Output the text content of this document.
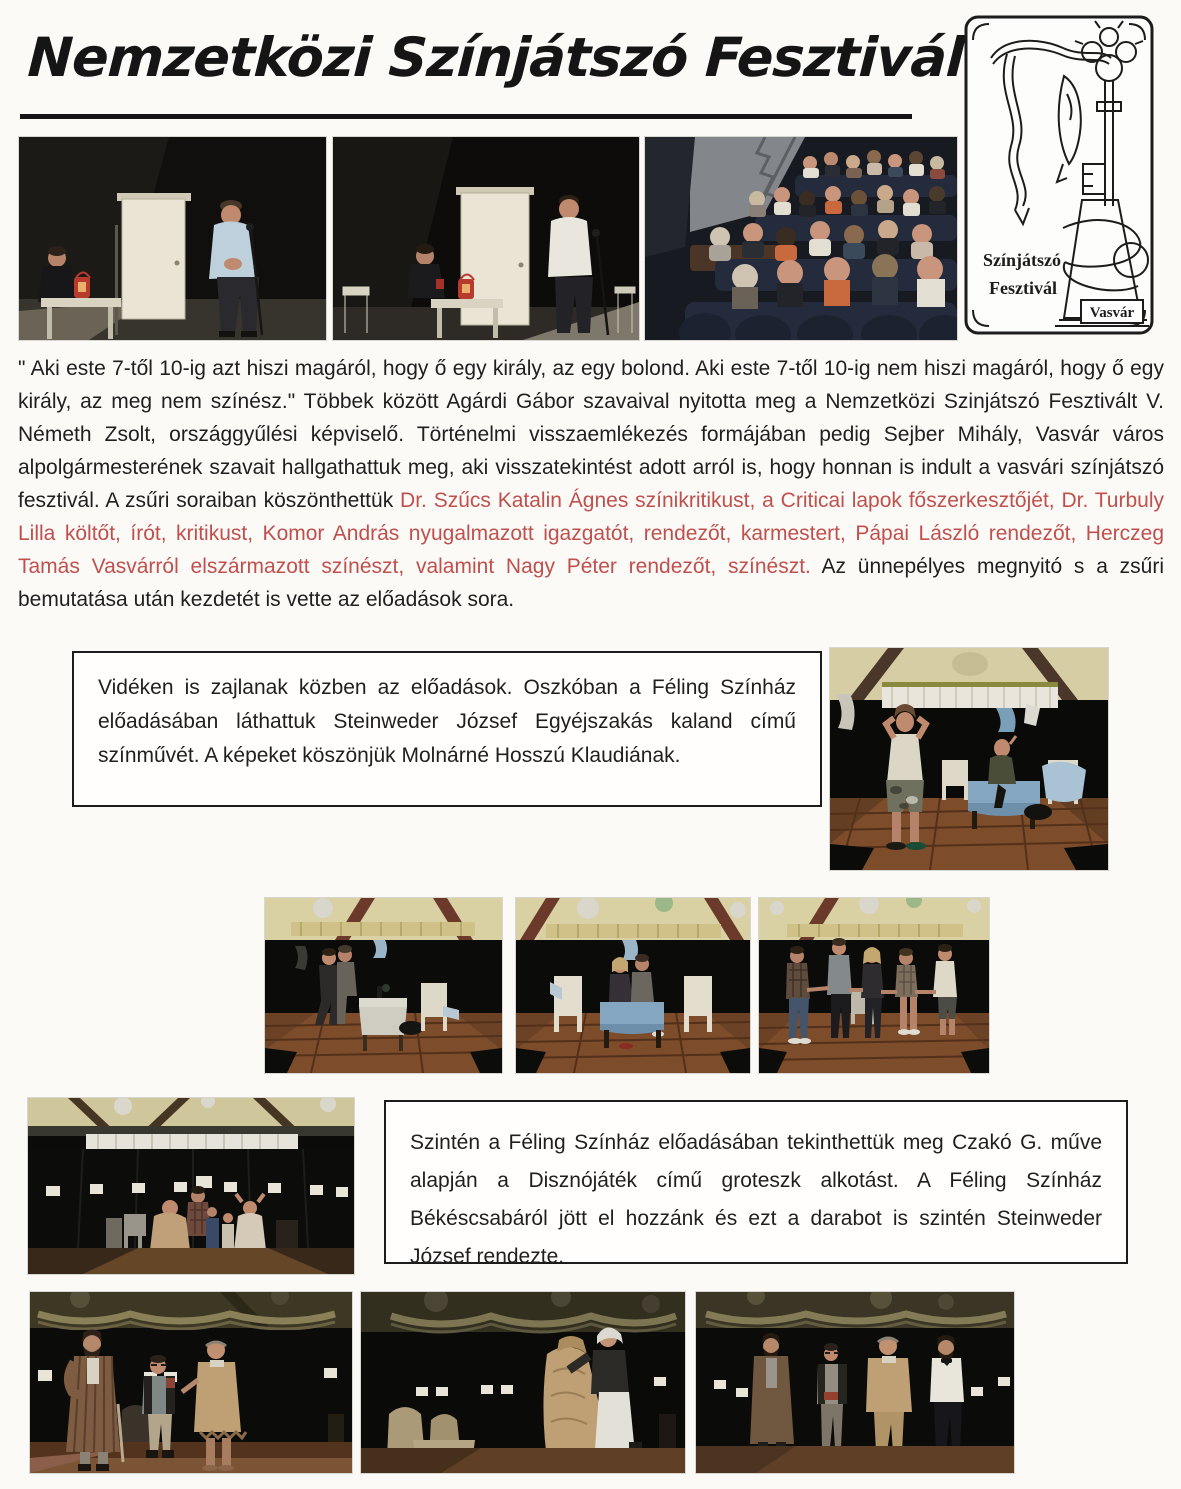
Nemzetközi Színjátszó Fesztivál
Színjátszó
Fesztivál
Vasvár
" Aki este 7-től 10-ig azt hiszi magáról, hogy ő egy király, az egy bolond. Aki este 7-től 10-ig nem hiszi magáról, hogy ő egy király, az meg nem színész." Többek között Agárdi Gábor szavaival nyitotta meg a Nemzetközi Szinjátszó Fesztivált V. Németh Zsolt, országgyűlési képviselő. Történelmi visszaemlékezés formájában pedig Sejber Mihály, Vasvár város alpolgármesterének szavait hallgathattuk meg, aki visszatekintést adott arról is, hogy honnan is indult a vasvári színjátszó fesztivál. A zsűri soraiban köszönthettük Dr. Szűcs Katalin Ágnes színikritikust, a Criticai lapok főszerkesztőjét, Dr. Turbuly Lilla költőt, írót, kritikust, Komor András nyugalmazott igazgatót, rendezőt, karmestert, Pápai László rendezőt, Herczeg Tamás Vasvárról elszármazott színészt, valamint Nagy Péter rendezőt, színészt. Az ünnepélyes megnyitó s a zsűri bemutatása után kezdetét is vette az előadások sora.
Vidéken is zajlanak közben az előadások. Oszkóban a Féling Színház előadásában láthattuk Steinweder József Egyéjszakás kaland című színművét. A képeket köszönjük Molnárné Hosszú Klaudiának.
Szintén a Féling Színház előadásában tekinthettük meg Czakó G. műve alapján a Disznójáték című groteszk alkotást. A Féling Színház Békéscsabáról jött el hozzánk és ezt a darabot is szintén Steinweder József rendezte.
